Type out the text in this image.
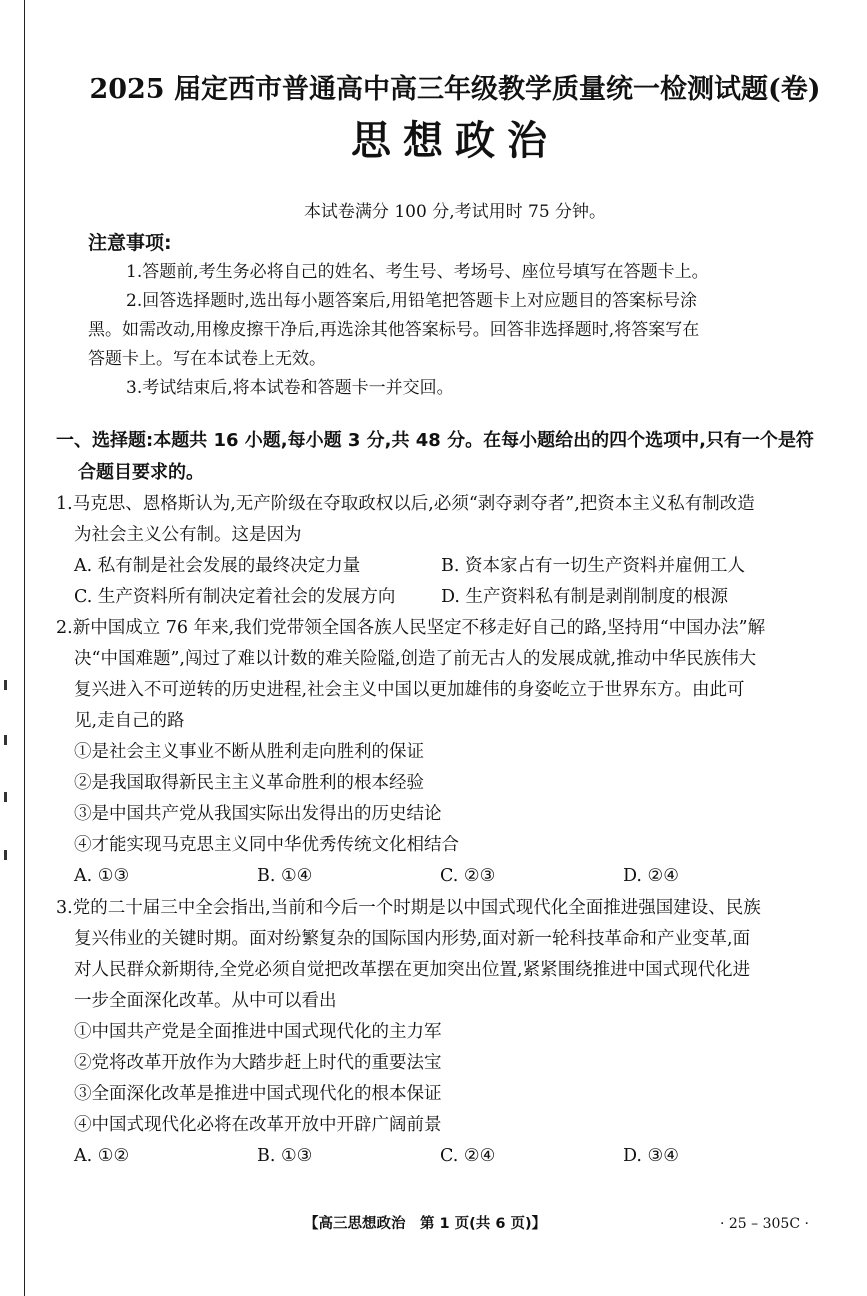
2025 届定西市普通高中高三年级教学质量统一检测试题(卷)
思想政治
本试卷满分 100 分,考试用时 75 分钟。
注意事项:

1.答题前,考生务必将自己的姓名、考生号、考场号、座位号填写在答题卡上。

2.回答选择题时,选出每小题答案后,用铅笔把答题卡上对应题目的答案标号涂

黑。如需改动,用橡皮擦干净后,再选涂其他答案标号。回答非选择题时,将答案写在
答题卡上。写在本试卷上无效。

3.考试结束后,将本试卷和答题卡一并交回。

一、选择题:本题共 16 小题,每小题 3 分,共 48 分。在每小题给出的四个选项中,只有一个是符
合题目要求的。
1.马克思、恩格斯认为,无产阶级在夺取政权以后,必须“剥夺剥夺者”,把资本主义私有制改造
为社会主义公有制。这是因为
A. 私有制是社会发展的最终决定力量	B. 资本家占有一切生产资料并雇佣工人
C. 生产资料所有制决定着社会的发展方向	D. 生产资料私有制是剥削制度的根源
2.新中国成立 76 年来,我们党带领全国各族人民坚定不移走好自己的路,坚持用“中国办法”解
决“中国难题”,闯过了难以计数的难关险隘,创造了前无古人的发展成就,推动中华民族伟大
复兴进入不可逆转的历史进程,社会主义中国以更加雄伟的身姿屹立于世界东方。由此可
见,走自己的路
①是社会主义事业不断从胜利走向胜利的保证
②是我国取得新民主主义革命胜利的根本经验
③是中国共产党从我国实际出发得出的历史结论
④才能实现马克思主义同中华优秀传统文化相结合
A. ①③	B. ①④	C. ②③	D. ②④
3.党的二十届三中全会指出,当前和今后一个时期是以中国式现代化全面推进强国建设、民族
复兴伟业的关键时期。面对纷繁复杂的国际国内形势,面对新一轮科技革命和产业变革,面
对人民群众新期待,全党必须自觉把改革摆在更加突出位置,紧紧围绕推进中国式现代化进
一步全面深化改革。从中可以看出
①中国共产党是全面推进中国式现代化的主力军
②党将改革开放作为大踏步赶上时代的重要法宝
③全面深化改革是推进中国式现代化的根本保证
④中国式现代化必将在改革开放中开辟广阔前景
A. ①②	B. ①③	C. ②④	D. ③④
【高三思想政治　第 1 页(共 6 页)】	· 25 – 305C ·
